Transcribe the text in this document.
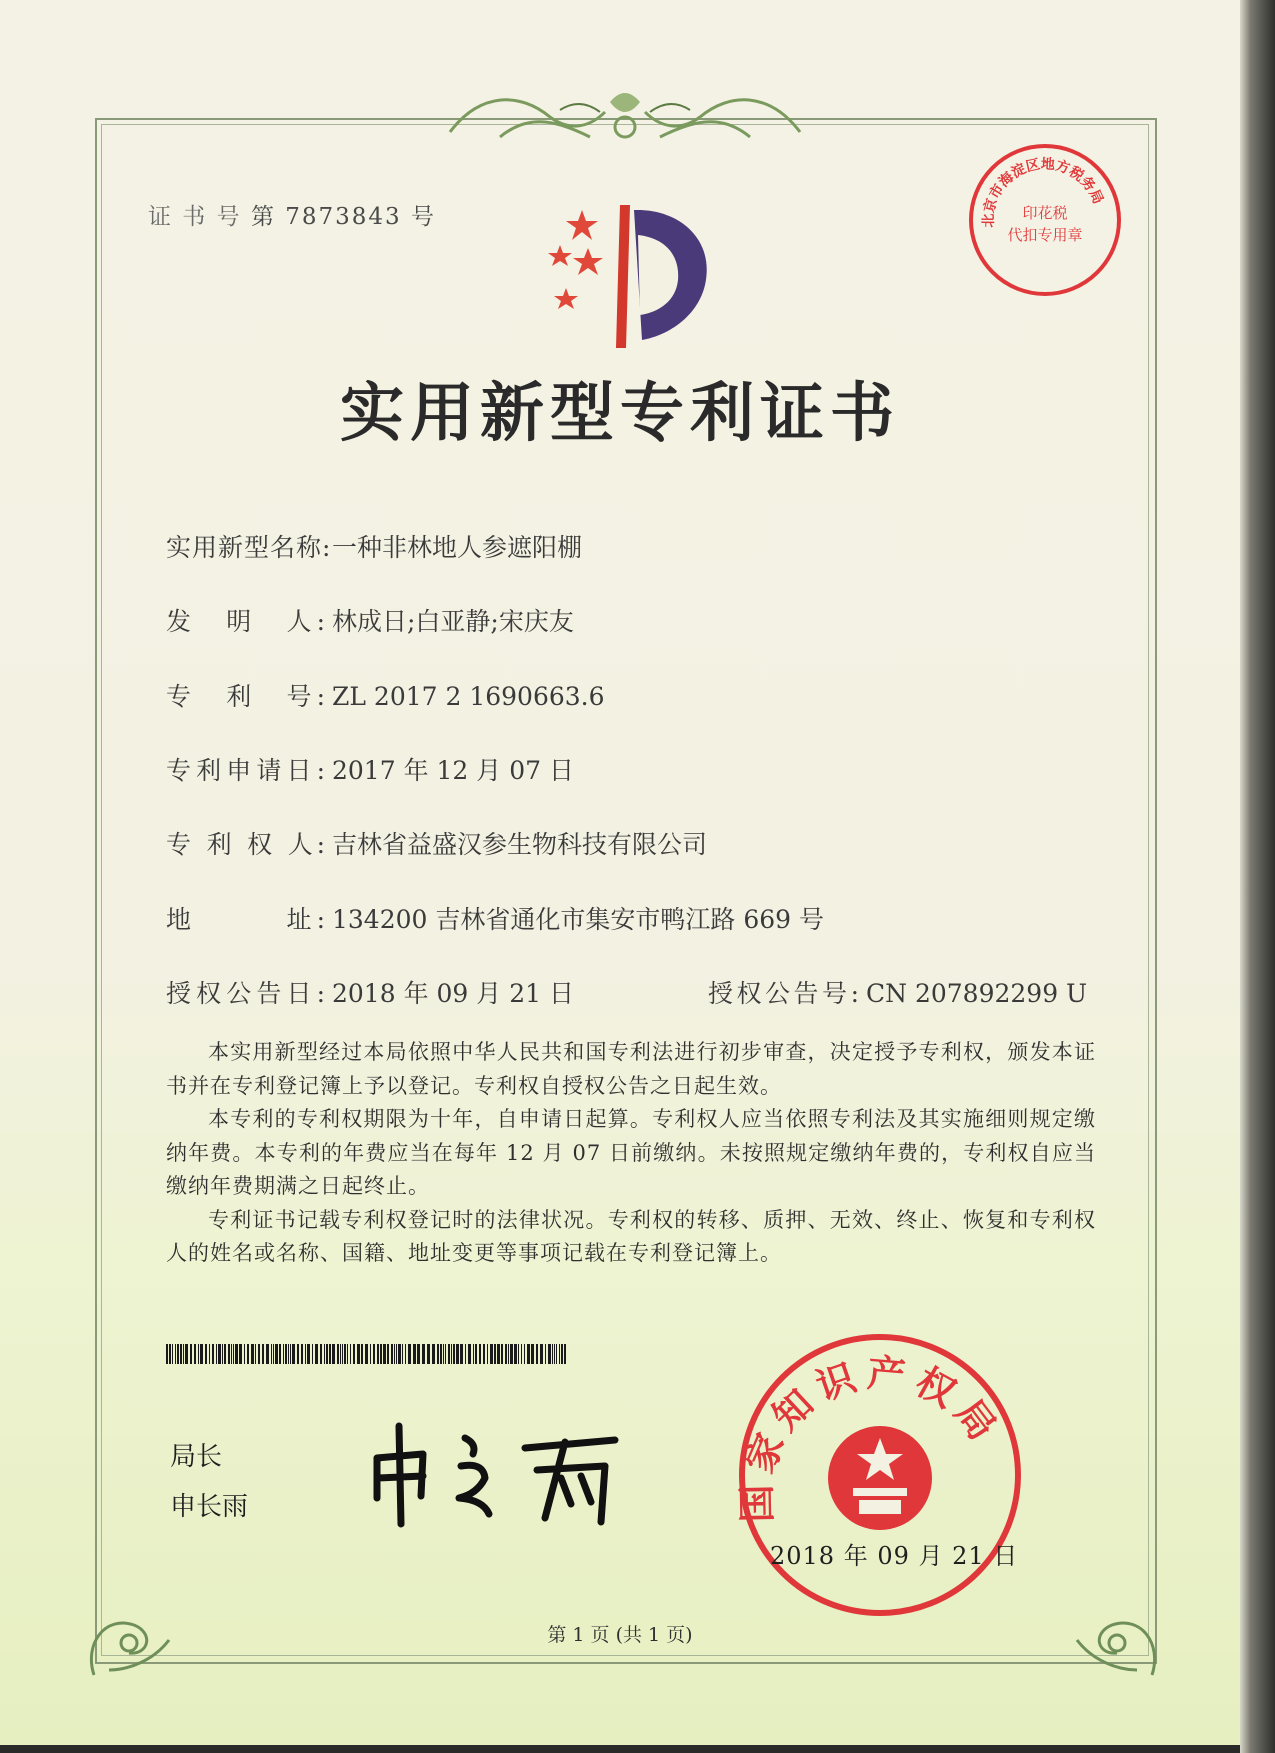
证 书 号 第 7873843 号	北京市海淀区地方税务局
印花税
代扣专用章
实用新型专利证书
实用新型名称:一种非林地人参遮阳棚
发　明　人: 林成日;白亚静;宋庆友
专　利　号: ZL 2017 2 1690663.6
专利申请日: 2017 年 12 月 07 日
专 利 权 人: 吉林省益盛汉参生物科技有限公司
地　　　址: 134200 吉林省通化市集安市鸭江路 669 号
授权公告日: 2018 年 09 月 21 日	授权公告号: CN 207892299 U

本实用新型经过本局依照中华人民共和国专利法进行初步审查，决定授予专利权，颁发本证书并在专利登记簿上予以登记。专利权自授权公告之日起生效。

本专利的专利权期限为十年，自申请日起算。专利权人应当依照专利法及其实施细则规定缴纳年费。本专利的年费应当在每年 12 月 07 日前缴纳。未按照规定缴纳年费的，专利权自应当缴纳年费期满之日起终止。

专利证书记载专利权登记时的法律状况。专利权的转移、质押、无效、终止、恢复和专利权人的姓名或名称、国籍、地址变更等事项记载在专利登记簿上。

局长
申长雨	国家知识产权局
2018 年 09 月 21 日
第 1 页 (共 1 页)
